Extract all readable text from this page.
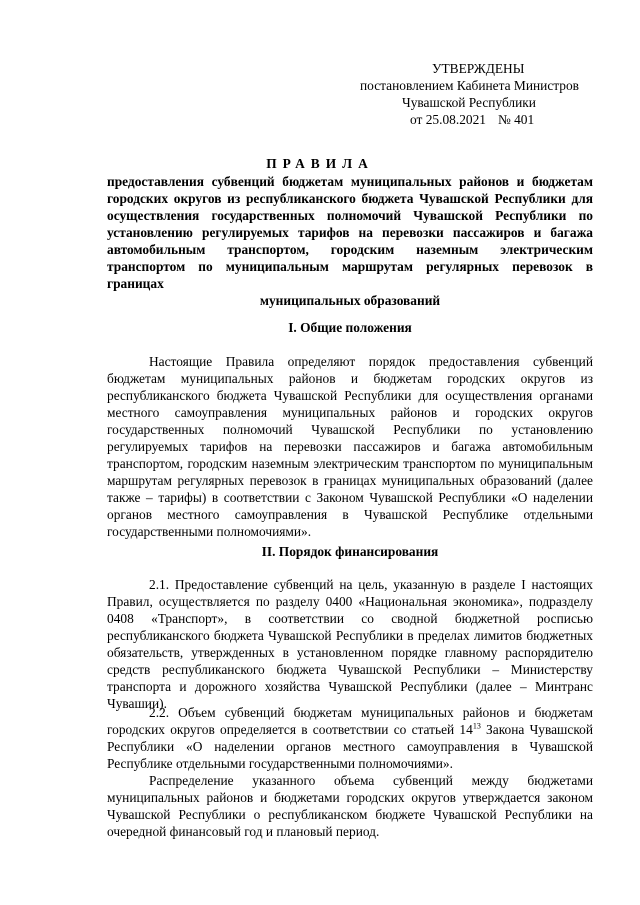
УТВЕРЖДЕНЫ
постановлением Кабинета Министров
Чувашской Республики
от 25.08.2021 № 401
ПРАВИЛА
предоставления субвенций бюджетам муниципальных районов и бюджетам городских округов из республиканского бюджета Чувашской Республики для осуществления государственных полномочий Чувашской Республики по установлению регулируемых тарифов на перевозки пассажиров и багажа автомобильным транспортом, городским наземным электрическим транспортом по муниципальным маршрутам регулярных перевозок в границах
муниципальных образований
I. Общие положения
Настоящие Правила определяют порядок предоставления субвенций бюджетам муниципальных районов и бюджетам городских округов из республиканского бюджета Чувашской Республики для осуществления органами местного самоуправления муниципальных районов и городских округов государственных полномочий Чувашской Республики по установлению регулируемых тарифов на перевозки пассажиров и багажа автомобильным транспортом, городским наземным электрическим транспортом по муниципальным маршрутам регулярных перевозок в границах муниципальных образований (далее также – тарифы) в соответствии с Законом Чувашской Республики «О наделении органов местного самоуправления в Чувашской Республике отдельными государственными полномочиями».
II. Порядок финансирования
2.1. Предоставление субвенций на цель, указанную в разделе I настоящих Правил, осуществляется по разделу 0400 «Национальная экономика», подразделу 0408 «Транспорт», в соответствии со сводной бюджетной росписью республиканского бюджета Чувашской Республики в пределах лимитов бюджетных обязательств, утвержденных в установленном порядке главному распорядителю средств республиканского бюджета Чувашской Республики – Министерству транспорта и дорожного хозяйства Чувашской Республики (далее – Минтранс Чувашии).
2.2. Объем субвенций бюджетам муниципальных районов и бюджетам городских округов определяется в соответствии со статьей $14^{13}$ Закона Чувашской Республики «О наделении органов местного самоуправления в Чувашской Республике отдельными государственными полномочиями».
Распределение указанного объема субвенций между бюджетами муниципальных районов и бюджетами городских округов утверждается законом Чувашской Республики о республиканском бюджете Чувашской Республики на очередной финансовый год и плановый период.
